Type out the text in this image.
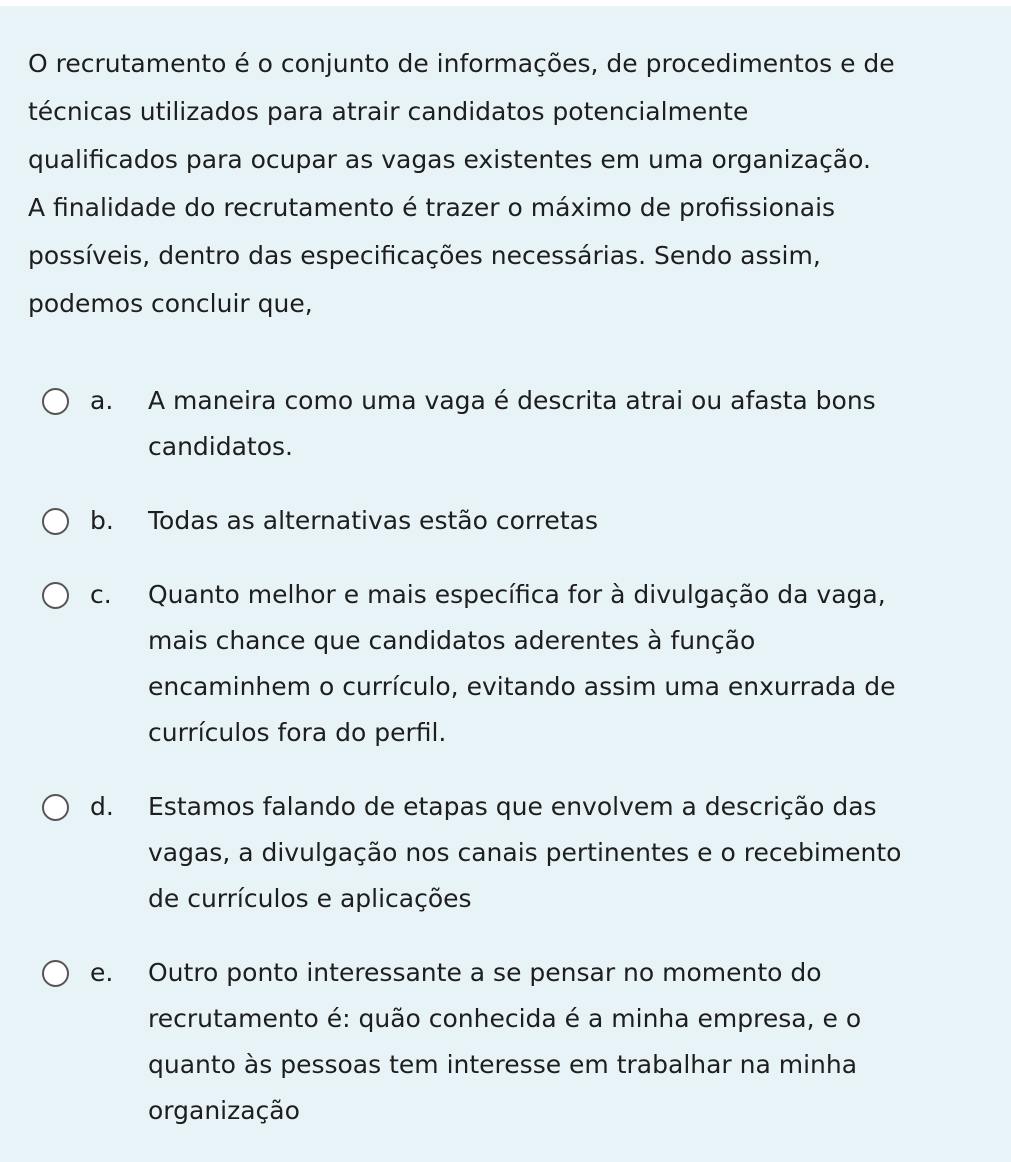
O recrutamento é o conjunto de informações, de procedimentos e de
técnicas utilizados para atrair candidatos potencialmente
qualificados para ocupar as vagas existentes em uma organização.
A finalidade do recrutamento é trazer o máximo de profissionais
possíveis, dentro das especificações necessárias. Sendo assim,
podemos concluir que,
a. A maneira como uma vaga é descrita atrai ou afasta bons
candidatos.
b. Todas as alternativas estão corretas
c. Quanto melhor e mais específica for à divulgação da vaga,
mais chance que candidatos aderentes à função
encaminhem o currículo, evitando assim uma enxurrada de
currículos fora do perfil.
d. Estamos falando de etapas que envolvem a descrição das
vagas, a divulgação nos canais pertinentes e o recebimento
de currículos e aplicações
e. Outro ponto interessante a se pensar no momento do
recrutamento é: quão conhecida é a minha empresa, e o
quanto às pessoas tem interesse em trabalhar na minha
organização
